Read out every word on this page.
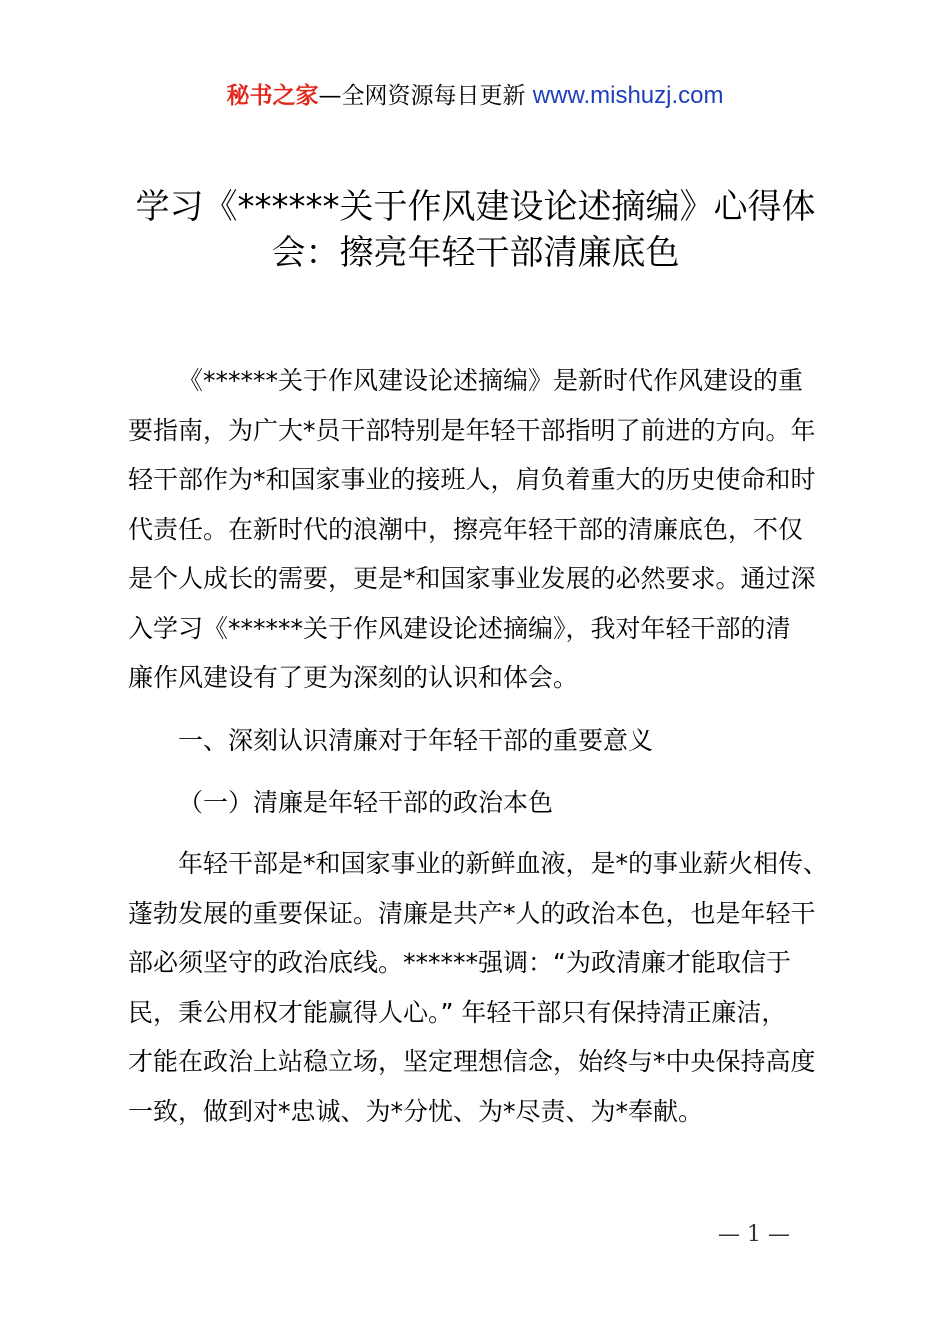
秘书之家—全网资源每日更新 www.mishuzj.com
学习《******关于作风建设论述摘编》心得体
会：擦亮年轻干部清廉底色
《******关于作风建设论述摘编》是新时代作风建设的重
要指南，为广大*员干部特别是年轻干部指明了前进的方向。年
轻干部作为*和国家事业的接班人，肩负着重大的历史使命和时
代责任。在新时代的浪潮中，擦亮年轻干部的清廉底色，不仅
是个人成长的需要，更是*和国家事业发展的必然要求。通过深
入学习《******关于作风建设论述摘编》，我对年轻干部的清
廉作风建设有了更为深刻的认识和体会。
一、深刻认识清廉对于年轻干部的重要意义
（一）清廉是年轻干部的政治本色
年轻干部是*和国家事业的新鲜血液，是*的事业薪火相传、
蓬勃发展的重要保证。清廉是共产*人的政治本色，也是年轻干
部必须坚守的政治底线。******强调：“为政清廉才能取信于
民，秉公用权才能赢得人心。” 年轻干部只有保持清正廉洁，
才能在政治上站稳立场，坚定理想信念，始终与*中央保持高度
一致，做到对*忠诚、为*分忧、为*尽责、为*奉献。
— 1 —
